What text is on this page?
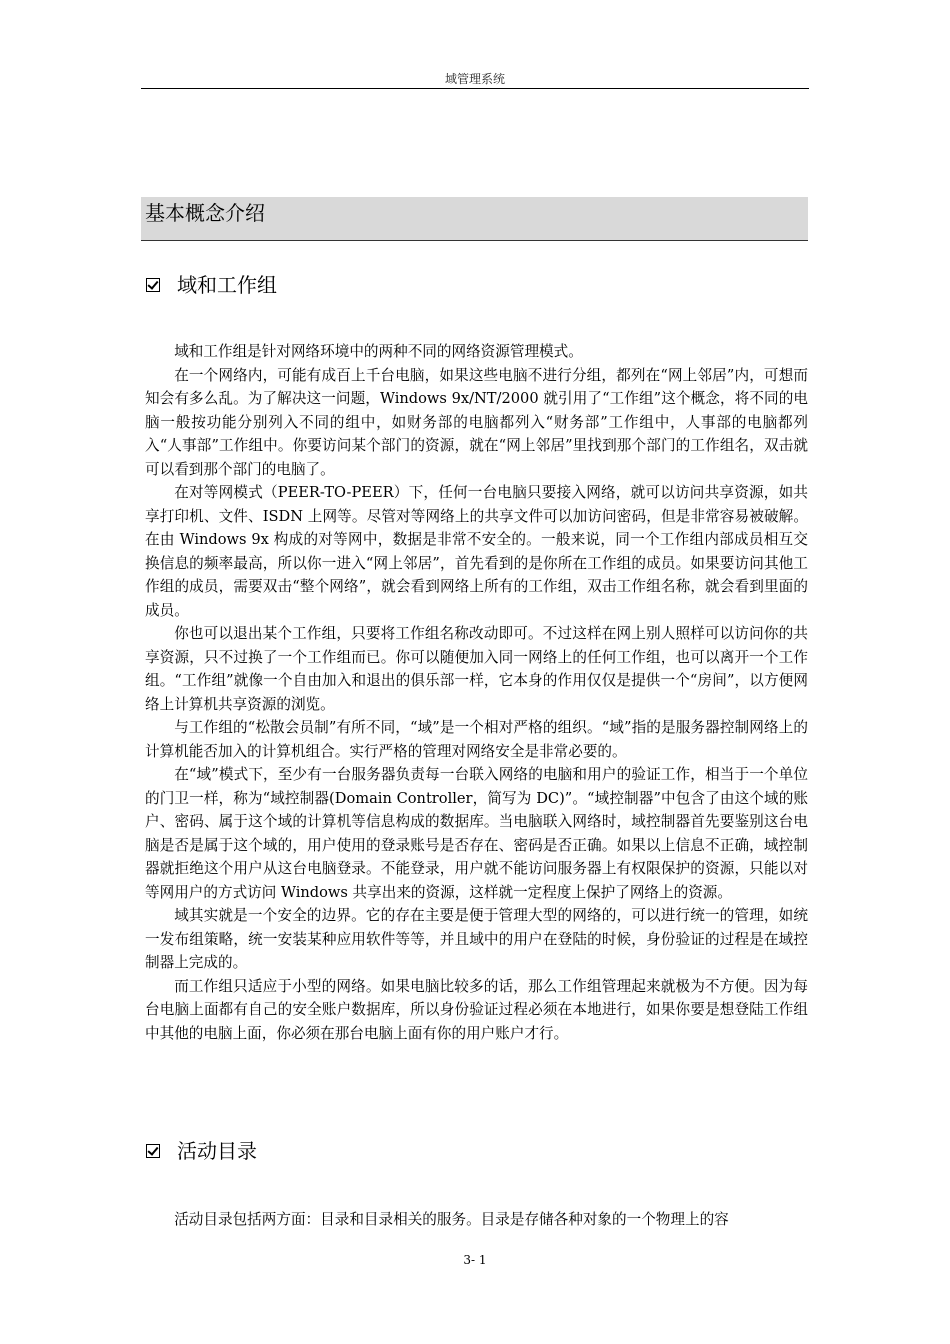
域管理系统
基本概念介绍
域和工作组

域和工作组是针对网络环境中的两种不同的网络资源管理模式。

在一个网络内，可能有成百上千台电脑，如果这些电脑不进行分组，都列在“网上邻居”内，可想而知会有多么乱。为了解决这一问题，Windows 9x/NT/2000 就引用了“工作组”这个概念，将不同的电脑一般按功能分别列入不同的组中，如财务部的电脑都列入“财务部”工作组中，人事部的电脑都列入“人事部”工作组中。你要访问某个部门的资源，就在“网上邻居”里找到那个部门的工作组名，双击就可以看到那个部门的电脑了。

在对等网模式（PEER-TO-PEER）下，任何一台电脑只要接入网络，就可以访问共享资源，如共享打印机、文件、ISDN 上网等。尽管对等网络上的共享文件可以加访问密码，但是非常容易被破解。在由 Windows 9x 构成的对等网中，数据是非常不安全的。一般来说，同一个工作组内部成员相互交换信息的频率最高，所以你一进入“网上邻居”，首先看到的是你所在工作组的成员。如果要访问其他工作组的成员，需要双击“整个网络”，就会看到网络上所有的工作组，双击工作组名称，就会看到里面的成员。

你也可以退出某个工作组，只要将工作组名称改动即可。不过这样在网上别人照样可以访问你的共享资源，只不过换了一个工作组而已。你可以随便加入同一网络上的任何工作组，也可以离开一个工作组。“工作组”就像一个自由加入和退出的俱乐部一样，它本身的作用仅仅是提供一个“房间”，以方便网络上计算机共享资源的浏览。

与工作组的“松散会员制”有所不同，“域”是一个相对严格的组织。“域”指的是服务器控制网络上的计算机能否加入的计算机组合。实行严格的管理对网络安全是非常必要的。

在“域”模式下，至少有一台服务器负责每一台联入网络的电脑和用户的验证工作，相当于一个单位的门卫一样，称为“域控制器(Domain Controller，简写为 DC)”。“域控制器”中包含了由这个域的账户、密码、属于这个域的计算机等信息构成的数据库。当电脑联入网络时，域控制器首先要鉴别这台电脑是否是属于这个域的，用户使用的登录账号是否存在、密码是否正确。如果以上信息不正确，域控制器就拒绝这个用户从这台电脑登录。不能登录，用户就不能访问服务器上有权限保护的资源，只能以对等网用户的方式访问 Windows 共享出来的资源，这样就一定程度上保护了网络上的资源。

域其实就是一个安全的边界。它的存在主要是便于管理大型的网络的，可以进行统一的管理，如统一发布组策略，统一安装某种应用软件等等，并且域中的用户在登陆的时候，身份验证的过程是在域控制器上完成的。

而工作组只适应于小型的网络。如果电脑比较多的话，那么工作组管理起来就极为不方便。因为每台电脑上面都有自己的安全账户数据库，所以身份验证过程必须在本地进行，如果你要是想登陆工作组中其他的电脑上面，你必须在那台电脑上面有你的用户账户才行。

活动目录

活动目录包括两方面：目录和目录相关的服务。目录是存储各种对象的一个物理上的容

3- 1
